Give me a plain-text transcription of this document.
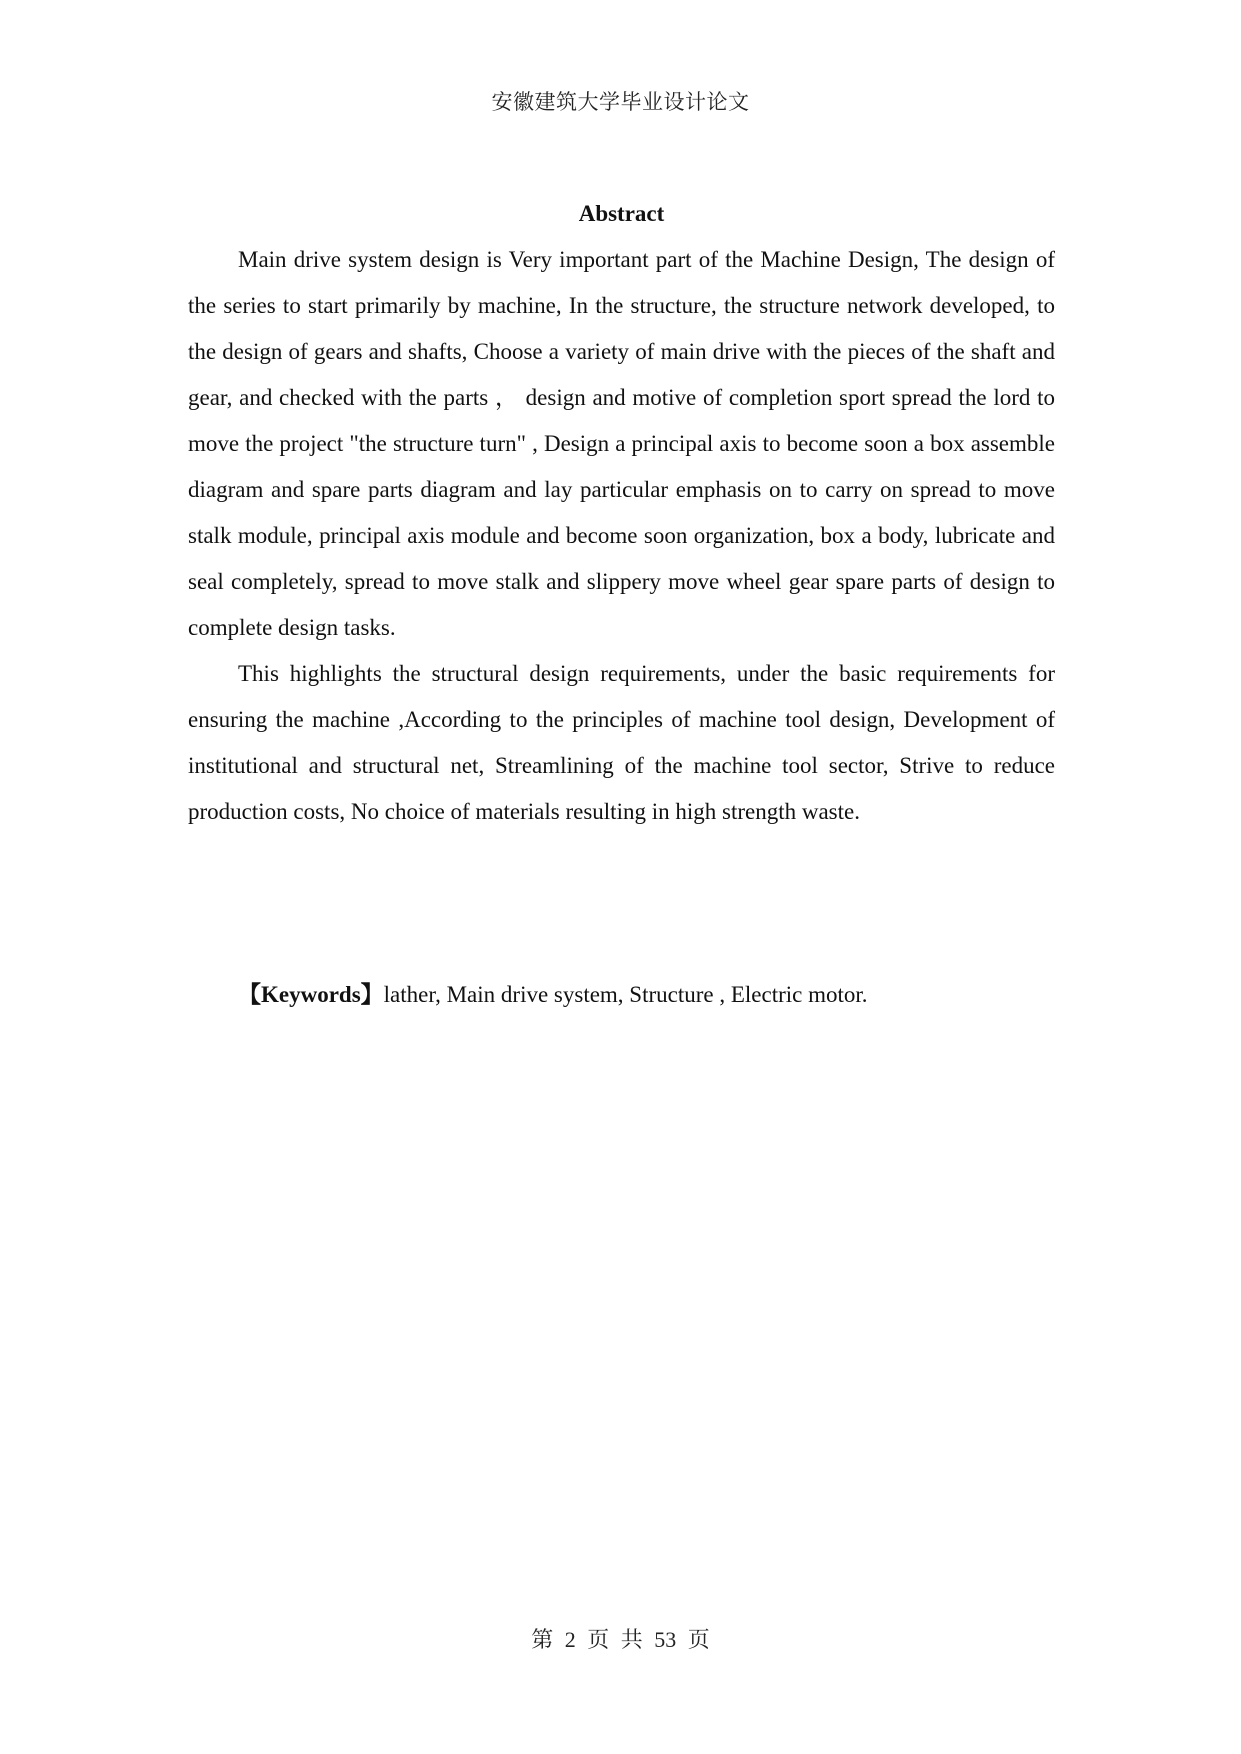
安徽建筑大学毕业设计论文
Abstract

Main drive system design is Very important part of the Machine Design, The design of the series to start primarily by machine, In the structure, the structure network developed, to the design of gears and shafts, Choose a variety of main drive with the pieces of the shaft and gear, and checked with the parts ， design and motive of completion sport spread the lord to move the project "the structure turn" , Design a principal axis to become soon a box assemble diagram and spare parts diagram and lay particular emphasis on to carry on spread to move stalk module, principal axis module and become soon organization, box a body, lubricate and seal completely, spread to move stalk and slippery move wheel gear spare parts of design to complete design tasks.

This highlights the structural design requirements, under the basic requirements for ensuring the machine ,According to the principles of machine tool design, Development of institutional and structural net, Streamlining of the machine tool sector, Strive to reduce production costs, No choice of materials resulting in high strength waste.

【Keywords】lather, Main drive system, Structure , Electric motor.
第 2 页 共 53 页
